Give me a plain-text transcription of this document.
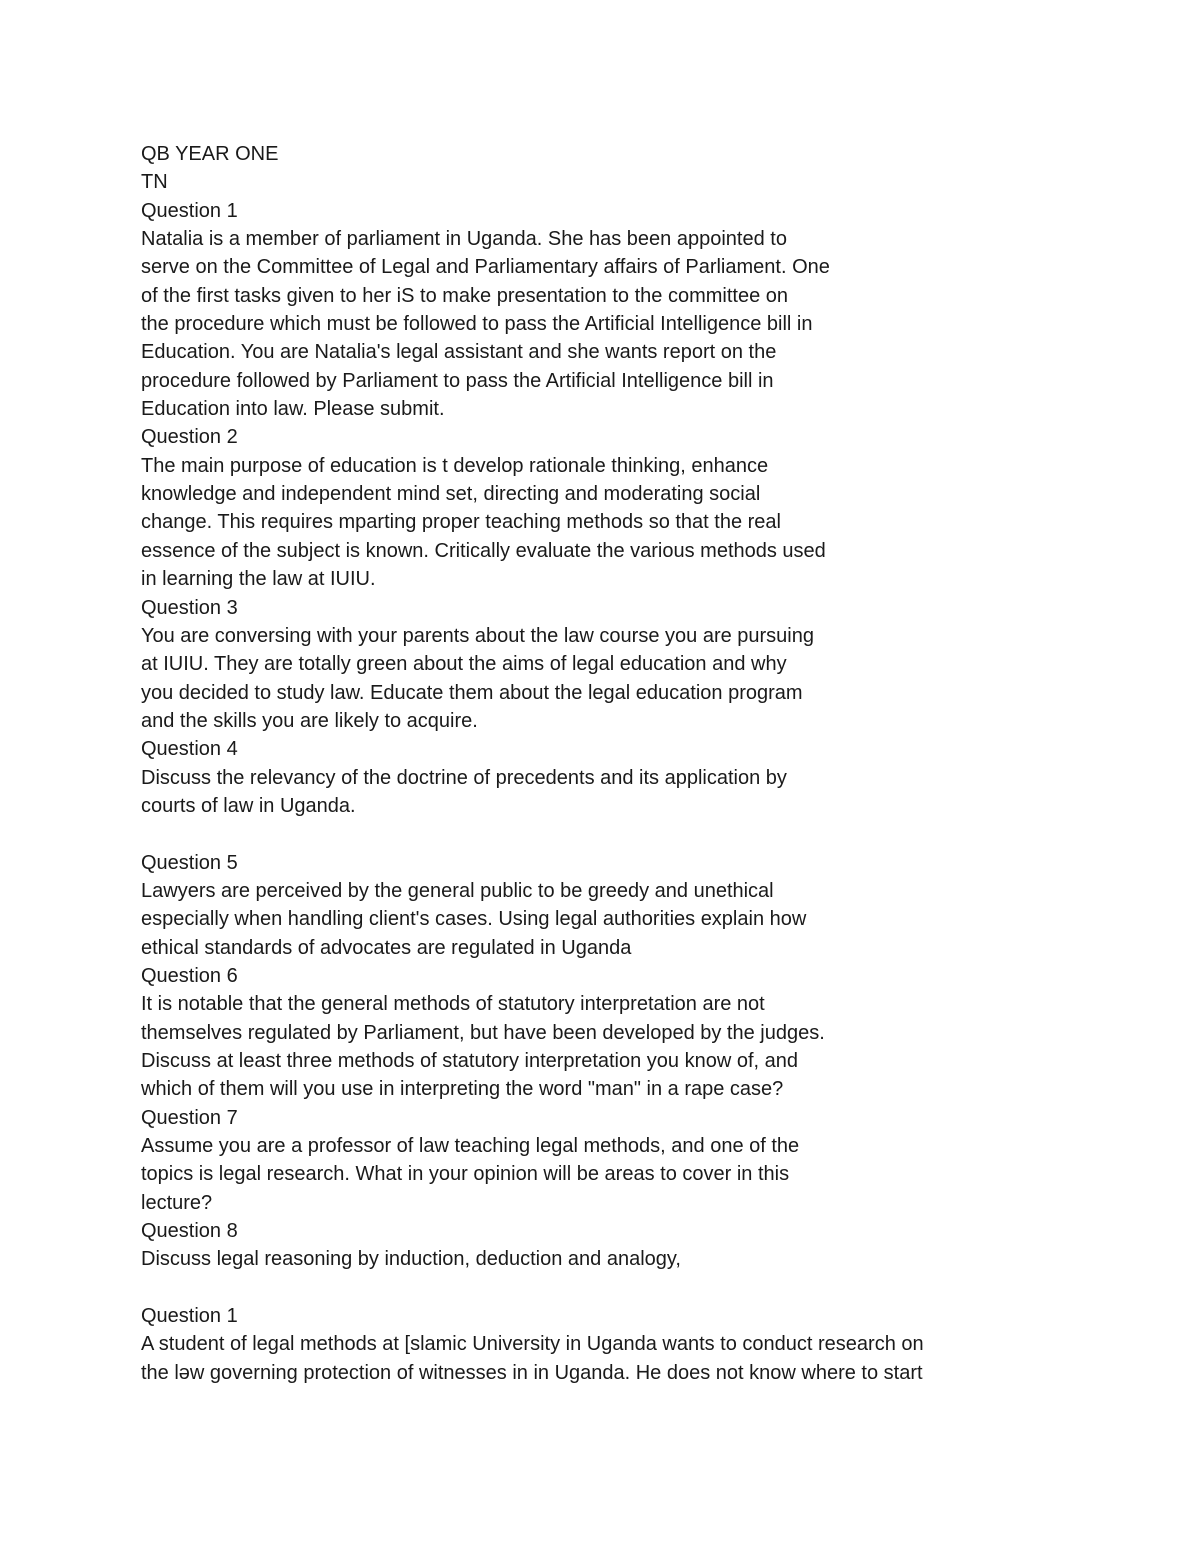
QB YEAR ONE
TN
Question 1
Natalia is a member of parliament in Uganda. She has been appointed to
serve on the Committee of Legal and Parliamentary affairs of Parliament. One
of the first tasks given to her iS to make presentation to the committee on
the procedure which must be followed to pass the Artificial Intelligence bill in
Education. You are Natalia's legal assistant and she wants report on the
procedure followed by Parliament to pass the Artificial Intelligence bill in
Education into law. Please submit.
Question 2
The main purpose of education is t develop rationale thinking, enhance
knowledge and independent mind set, directing and moderating social
change. This requires mparting proper teaching methods so that the real
essence of the subject is known. Critically evaluate the various methods used
in learning the law at IUIU.
Question 3
You are conversing with your parents about the law course you are pursuing
at IUIU. They are totally green about the aims of legal education and why
you decided to study law. Educate them about the legal education program
and the skills you are likely to acquire.
Question 4
Discuss the relevancy of the doctrine of precedents and its application by
courts of law in Uganda.
Question 5
Lawyers are perceived by the general public to be greedy and unethical
especially when handling client's cases. Using legal authorities explain how
ethical standards of advocates are regulated in Uganda
Question 6
It is notable that the general methods of statutory interpretation are not
themselves regulated by Parliament, but have been developed by the judges.
Discuss at least three methods of statutory interpretation you know of, and
which of them will you use in interpreting the word "man" in a rape case?
Question 7
Assume you are a professor of law teaching legal methods, and one of the
topics is legal research. What in your opinion will be areas to cover in this
lecture?
Question 8
Discuss legal reasoning by induction, deduction and analogy,
Question 1
A student of legal methods at [slamic University in Uganda wants to conduct research on
the ləw governing protection of witnesses in in Uganda. He does not know where to start
